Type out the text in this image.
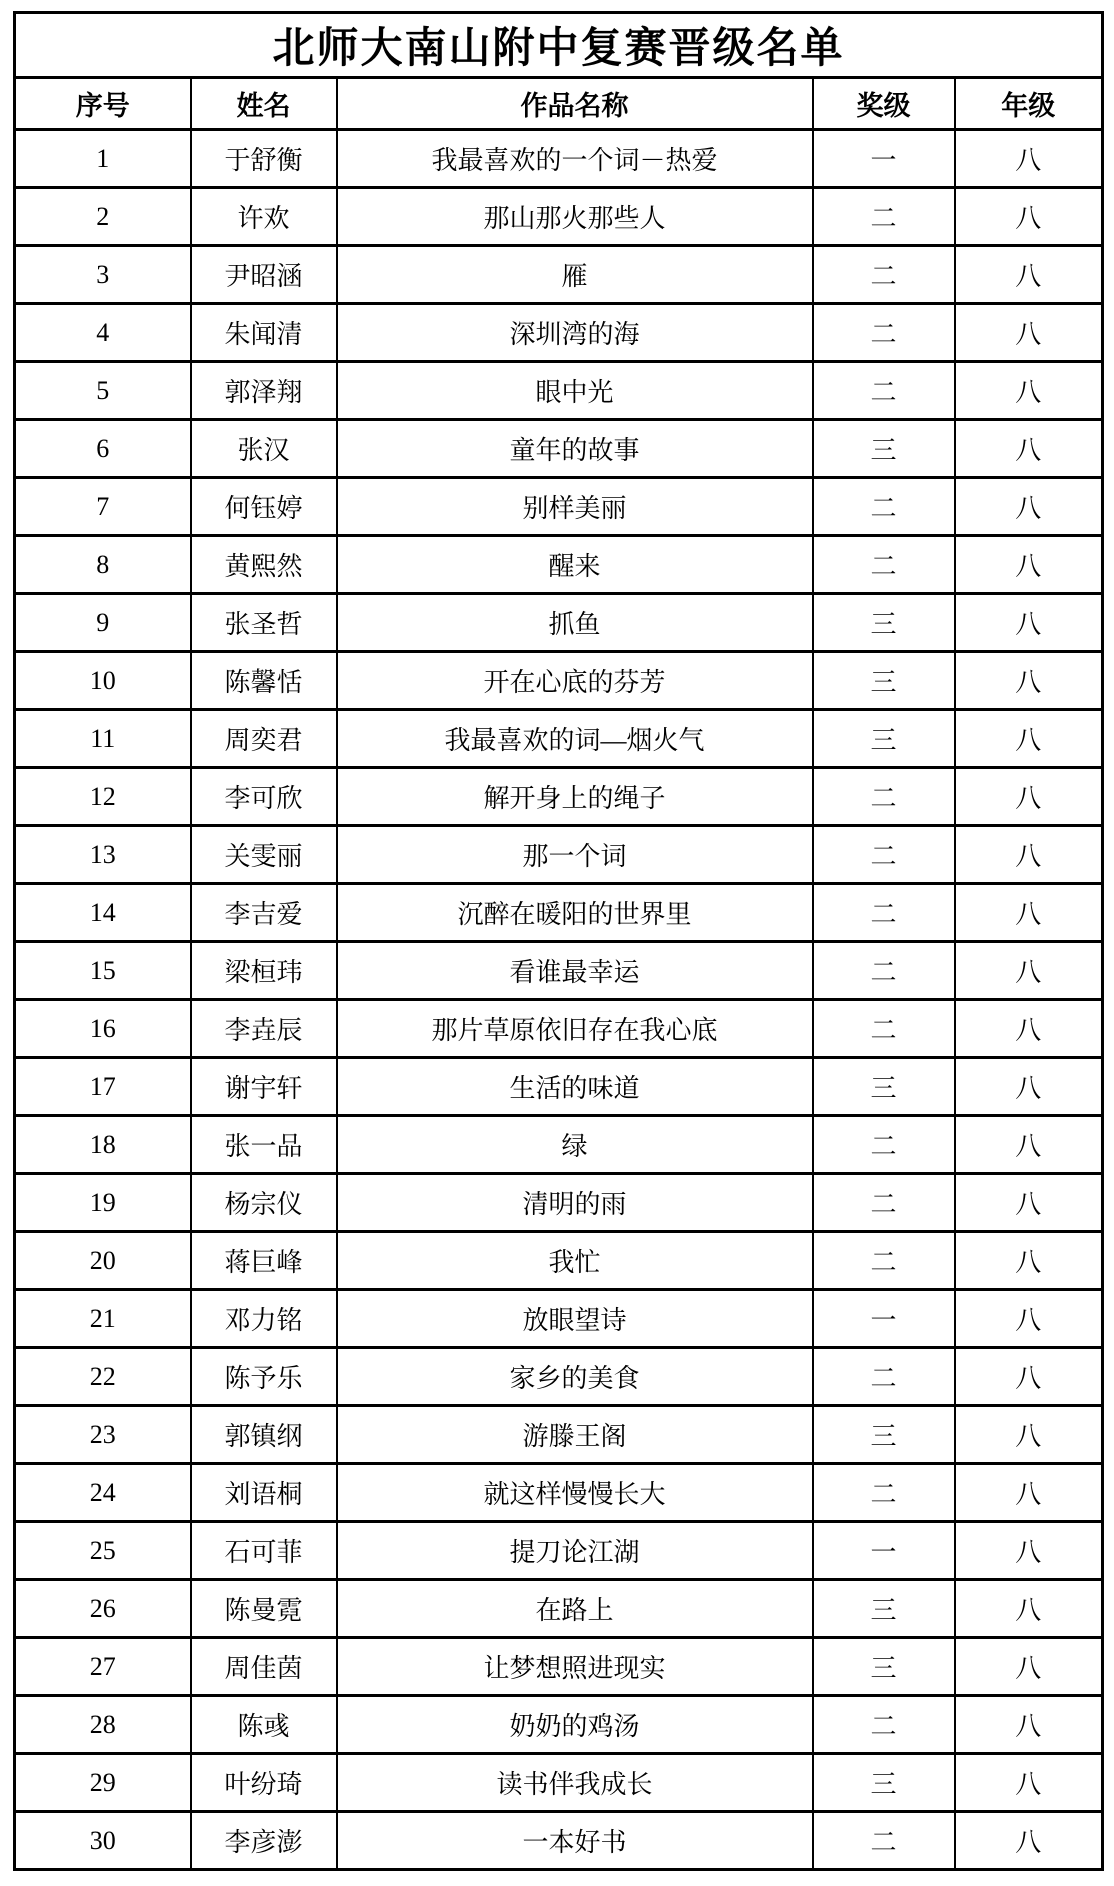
北师大南山附中复赛晋级名单				
序号	姓名	作品名称	奖级	年级
1	于舒衡	我最喜欢的一个词－热爱	一	八
2	许欢	那山那火那些人	二	八
3	尹昭涵	雁	二	八
4	朱闻清	深圳湾的海	二	八
5	郭泽翔	眼中光	二	八
6	张汉	童年的故事	三	八
7	何钰婷	别样美丽	二	八
8	黄熙然	醒来	二	八
9	张圣哲	抓鱼	三	八
10	陈馨恬	开在心底的芬芳	三	八
11	周奕君	我最喜欢的词—烟火气	三	八
12	李可欣	解开身上的绳子	二	八
13	关雯丽	那一个词	二	八
14	李吉爱	沉醉在暖阳的世界里	二	八
15	梁桓玮	看谁最幸运	二	八
16	李垚辰	那片草原依旧存在我心底	二	八
17	谢宇轩	生活的味道	三	八
18	张一品	绿	二	八
19	杨宗仪	清明的雨	二	八
20	蒋巨峰	我忙	二	八
21	邓力铭	放眼望诗	一	八
22	陈予乐	家乡的美食	二	八
23	郭镇纲	游滕王阁	三	八
24	刘语桐	就这样慢慢长大	二	八
25	石可菲	提刀论江湖	一	八
26	陈曼霓	在路上	三	八
27	周佳茵	让梦想照进现实	三	八
28	陈彧	奶奶的鸡汤	二	八
29	叶纷琦	读书伴我成长	三	八
30	李彦澎	一本好书	二	八
